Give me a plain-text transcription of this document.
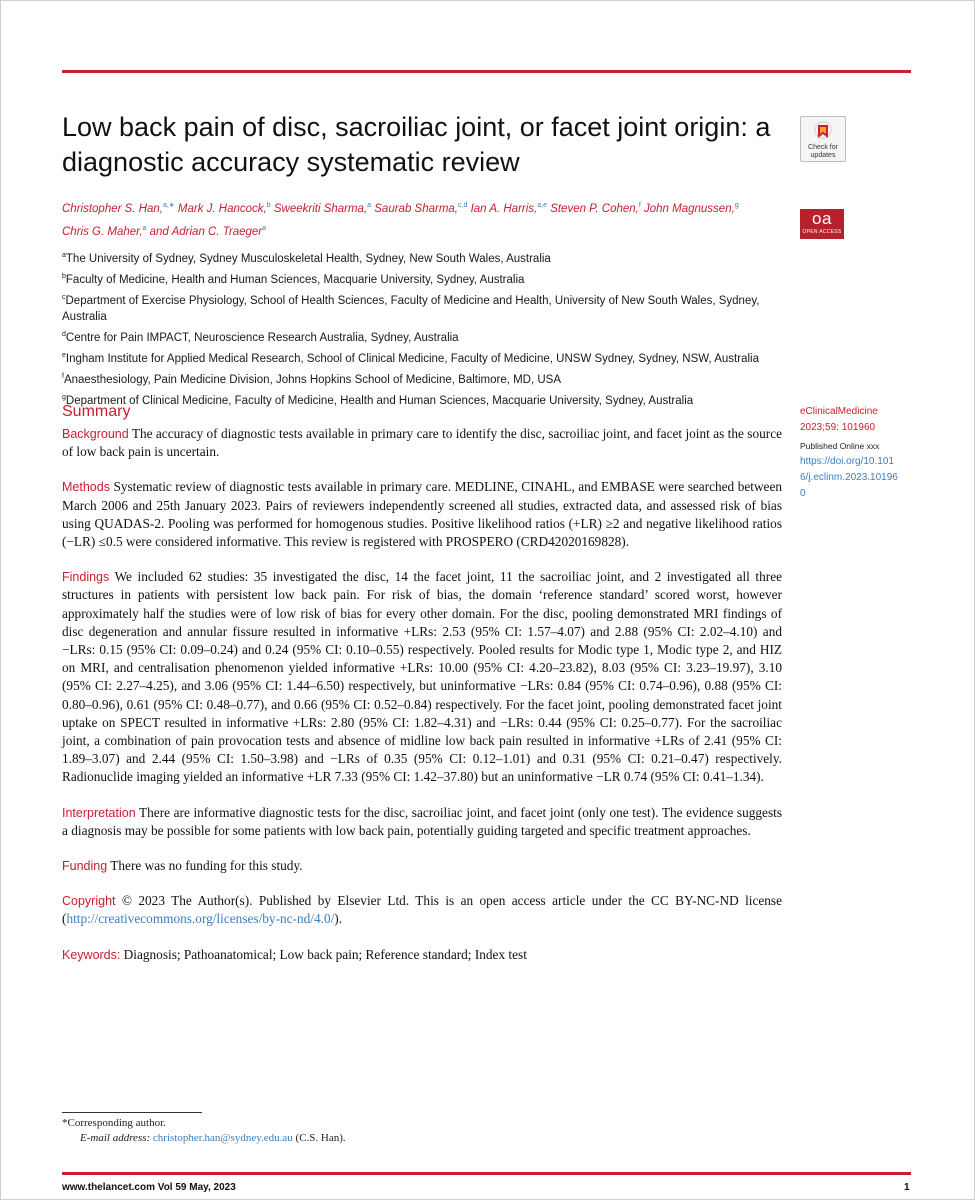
Low back pain of disc, sacroiliac joint, or facet joint origin: a diagnostic accuracy systematic review	Check for updates
oa
OPEN ACCESS
Christopher S. Han,$^{a,∗}$ Mark J. Hancock,$^b$ Sweekriti Sharma,$^a$ Saurab Sharma,$^{c,d}$ Ian A. Harris,$^{a,e}$ Steven P. Cohen,$^f$ John Magnussen,$^g$
Chris G. Maher,$^a$ and Adrian C. Traeger$^a$
$^a$The University of Sydney, Sydney Musculoskeletal Health, Sydney, New South Wales, Australia
$^b$Faculty of Medicine, Health and Human Sciences, Macquarie University, Sydney, Australia
$^c$Department of Exercise Physiology, School of Health Sciences, Faculty of Medicine and Health, University of New South Wales, Sydney, Australia
$^d$Centre for Pain IMPACT, Neuroscience Research Australia, Sydney, Australia
$^e$Ingham Institute for Applied Medical Research, School of Clinical Medicine, Faculty of Medicine, UNSW Sydney, Sydney, NSW, Australia
$^f$Anaesthesiology, Pain Medicine Division, Johns Hopkins School of Medicine, Baltimore, MD, USA
$^g$Department of Clinical Medicine, Faculty of Medicine, Health and Human Sciences, Macquarie University, Sydney, Australia
eClinicalMedicine
2023;59: 101960
Published Online xxx
https://doi.org/10.1016/j.eclinm.2023.101960
Summary

Background The accuracy of diagnostic tests available in primary care to identify the disc, sacroiliac joint, and facet joint as the source of low back pain is uncertain.

Methods Systematic review of diagnostic tests available in primary care. MEDLINE, CINAHL, and EMBASE were searched between March 2006 and 25th January 2023. Pairs of reviewers independently screened all studies, extracted data, and assessed risk of bias using QUADAS-2. Pooling was performed for homogenous studies. Positive likelihood ratios (+LR) ≥2 and negative likelihood ratios (−LR) ≤0.5 were considered informative. This review is registered with PROSPERO (CRD42020169828).

Findings We included 62 studies: 35 investigated the disc, 14 the facet joint, 11 the sacroiliac joint, and 2 investigated all three structures in patients with persistent low back pain. For risk of bias, the domain ‘reference standard’ scored worst, however approximately half the studies were of low risk of bias for every other domain. For the disc, pooling demonstrated MRI findings of disc degeneration and annular fissure resulted in informative +LRs: 2.53 (95% CI: 1.57–4.07) and 2.88 (95% CI: 2.02–4.10) and −LRs: 0.15 (95% CI: 0.09–0.24) and 0.24 (95% CI: 0.10–0.55) respectively. Pooled results for Modic type 1, Modic type 2, and HIZ on MRI, and centralisation phenomenon yielded informative +LRs: 10.00 (95% CI: 4.20–23.82), 8.03 (95% CI: 3.23–19.97), 3.10 (95% CI: 2.27–4.25), and 3.06 (95% CI: 1.44–6.50) respectively, but uninformative −LRs: 0.84 (95% CI: 0.74–0.96), 0.88 (95% CI: 0.80–0.96), 0.61 (95% CI: 0.48–0.77), and 0.66 (95% CI: 0.52–0.84) respectively. For the facet joint, pooling demonstrated facet joint uptake on SPECT resulted in informative +LRs: 2.80 (95% CI: 1.82–4.31) and −LRs: 0.44 (95% CI: 0.25–0.77). For the sacroiliac joint, a combination of pain provocation tests and absence of midline low back pain resulted in informative +LRs of 2.41 (95% CI: 1.89–3.07) and 2.44 (95% CI: 1.50–3.98) and −LRs of 0.35 (95% CI: 0.12–1.01) and 0.31 (95% CI: 0.21–0.47) respectively. Radionuclide imaging yielded an informative +LR 7.33 (95% CI: 1.42–37.80) but an uninformative −LR 0.74 (95% CI: 0.41–1.34).

Interpretation There are informative diagnostic tests for the disc, sacroiliac joint, and facet joint (only one test). The evidence suggests a diagnosis may be possible for some patients with low back pain, potentially guiding targeted and specific treatment approaches.

Funding There was no funding for this study.

Copyright © 2023 The Author(s). Published by Elsevier Ltd. This is an open access article under the CC BY-NC-ND license (http://creativecommons.org/licenses/by-nc-nd/4.0/).

Keywords: Diagnosis; Pathoanatomical; Low back pain; Reference standard; Index test

*Corresponding author.
E-mail address: christopher.han@sydney.edu.au (C.S. Han).
www.thelancet.com Vol 59 May, 2023	1
